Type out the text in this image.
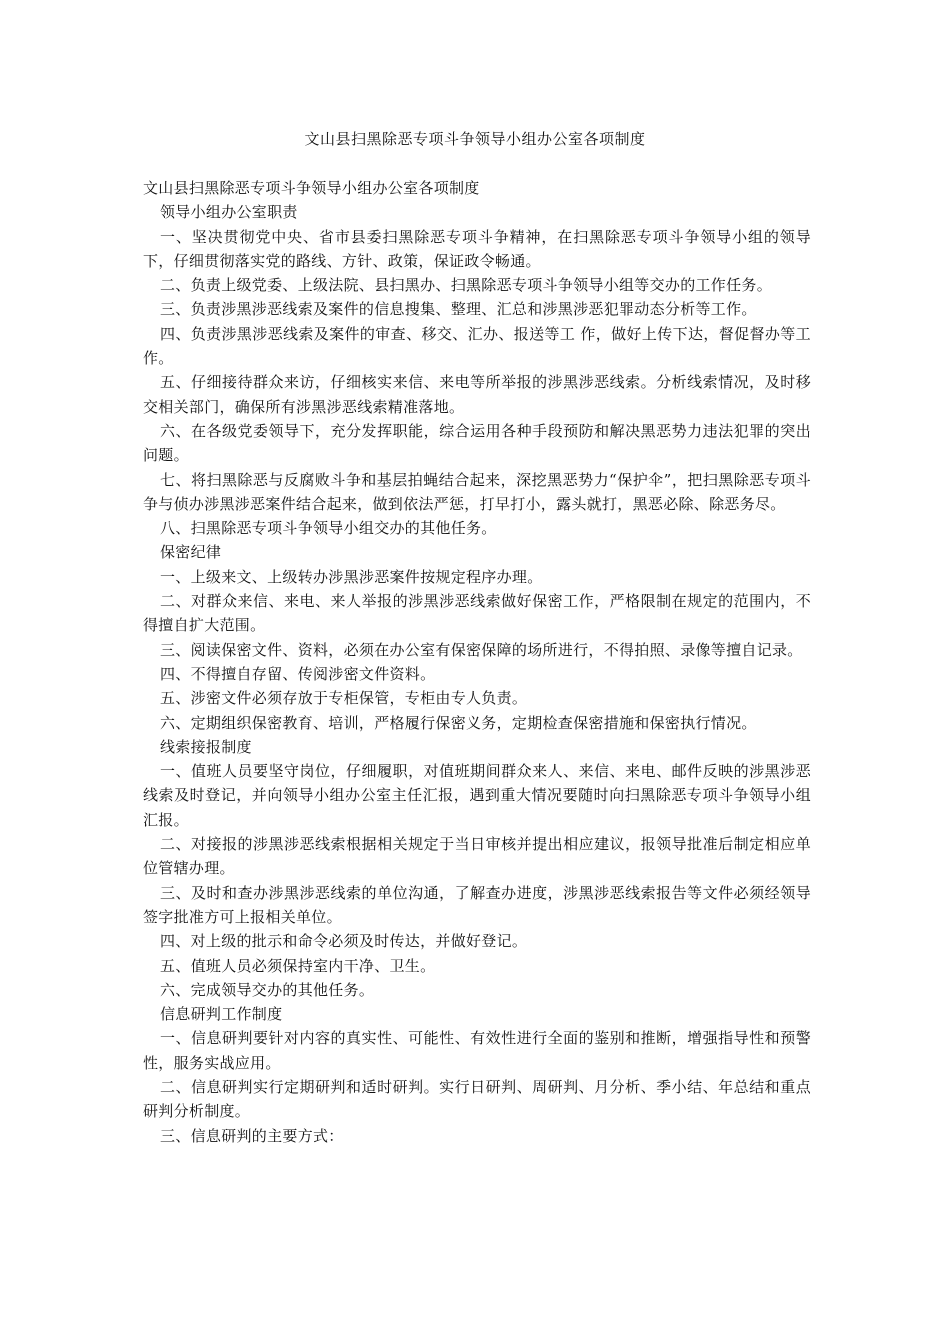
文山县扫黑除恶专项斗争领导小组办公室各项制度

文山县扫黑除恶专项斗争领导小组办公室各项制度

领导小组办公室职责

一、坚决贯彻党中央、省市县委扫黑除恶专项斗争精神，在扫黑除恶专项斗争领导小组的领导下，仔细贯彻落实党的路线、方针、政策，保证政令畅通。

二、负责上级党委、上级法院、县扫黑办、扫黑除恶专项斗争领导小组等交办的工作任务。

三、负责涉黑涉恶线索及案件的信息搜集、整理、汇总和涉黑涉恶犯罪动态分析等工作。

四、负责涉黑涉恶线索及案件的审查、移交、汇办、报送等工 作，做好上传下达，督促督办等工作。

五、仔细接待群众来访，仔细核实来信、来电等所举报的涉黑涉恶线索。分析线索情况，及时移交相关部门，确保所有涉黑涉恶线索精准落地。

六、在各级党委领导下，充分发挥职能，综合运用各种手段预防和解决黑恶势力违法犯罪的突出问题。

七、将扫黑除恶与反腐败斗争和基层拍蝇结合起来，深挖黑恶势力“保护伞”，把扫黑除恶专项斗争与侦办涉黑涉恶案件结合起来，做到依法严惩，打早打小，露头就打，黑恶必除、除恶务尽。

八、扫黑除恶专项斗争领导小组交办的其他任务。

保密纪律

一、上级来文、上级转办涉黑涉恶案件按规定程序办理。

二、对群众来信、来电、来人举报的涉黑涉恶线索做好保密工作，严格限制在规定的范围内，不得擅自扩大范围。

三、阅读保密文件、资料，必须在办公室有保密保障的场所进行，不得拍照、录像等擅自记录。

四、不得擅自存留、传阅涉密文件资料。

五、涉密文件必须存放于专柜保管，专柜由专人负责。

六、定期组织保密教育、培训，严格履行保密义务，定期检查保密措施和保密执行情况。

线索接报制度

一、值班人员要坚守岗位，仔细履职，对值班期间群众来人、来信、来电、邮件反映的涉黑涉恶线索及时登记，并向领导小组办公室主任汇报，遇到重大情况要随时向扫黑除恶专项斗争领导小组汇报。

二、对接报的涉黑涉恶线索根据相关规定于当日审核并提出相应建议，报领导批准后制定相应单位管辖办理。

三、及时和查办涉黑涉恶线索的单位沟通，了解查办进度，涉黑涉恶线索报告等文件必须经领导签字批准方可上报相关单位。

四、对上级的批示和命令必须及时传达，并做好登记。

五、值班人员必须保持室内干净、卫生。

六、完成领导交办的其他任务。

信息研判工作制度

一、信息研判要针对内容的真实性、可能性、有效性进行全面的鉴别和推断，增强指导性和预警性，服务实战应用。

二、信息研判实行定期研判和适时研判。实行日研判、周研判、月分析、季小结、年总结和重点研判分析制度。

三、信息研判的主要方式：
